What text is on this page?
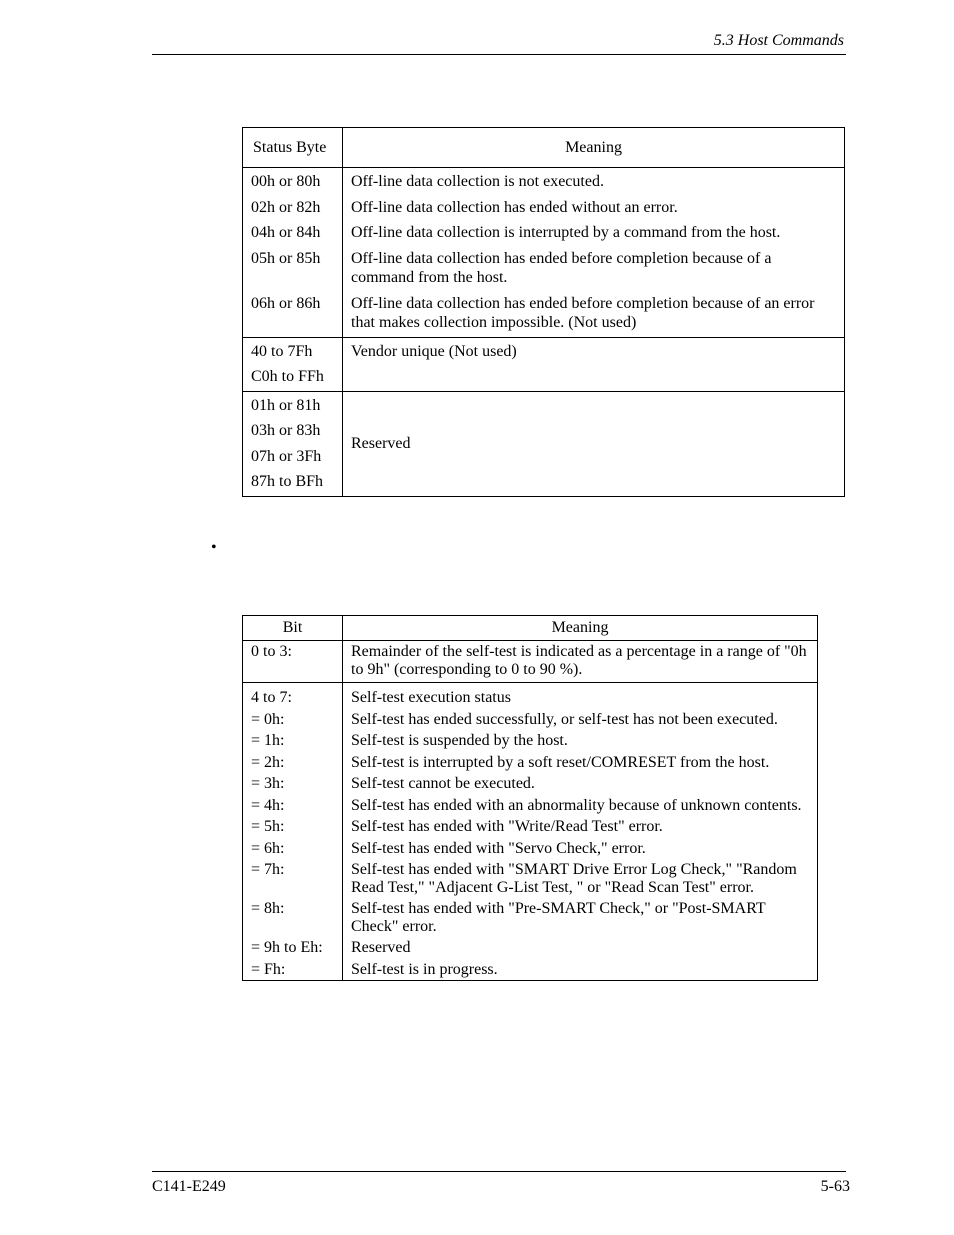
5.3 Host Commands
Status Byte	Meaning
00h or 80h	Off-line data collection is not executed.
02h or 82h	Off-line data collection has ended without an error.
04h or 84h	Off-line data collection is interrupted by a command from the host.
05h or 85h	Off-line data collection has ended before completion because of a command from the host.
06h or 86h	Off-line data collection has ended before completion because of an error that makes collection impossible. (Not used)
40 to 7Fh	Vendor unique (Not used)
C0h to FFh	
01h or 81h	Reserved
03h or 83h	
07h or 3Fh	
87h to BFh	
•
Bit	Meaning
0 to 3:	Remainder of the self-test is indicated as a percentage in a range of "0h to 9h" (corresponding to 0 to 90 %).
4 to 7:	Self-test execution status
= 0h:	Self-test has ended successfully, or self-test has not been executed.
= 1h:	Self-test is suspended by the host.
= 2h:	Self-test is interrupted by a soft reset/COMRESET from the host.
= 3h:	Self-test cannot be executed.
= 4h:	Self-test has ended with an abnormality because of unknown contents.
= 5h:	Self-test has ended with "Write/Read Test" error.
= 6h:	Self-test has ended with "Servo Check," error.
= 7h:	Self-test has ended with "SMART Drive Error Log Check," "Random Read Test," "Adjacent G-List Test, " or "Read Scan Test" error.
= 8h:	Self-test has ended with "Pre-SMART Check," or "Post-SMART Check" error.
= 9h to Eh:	Reserved
= Fh:	Self-test is in progress.
C141-E249	5-63
